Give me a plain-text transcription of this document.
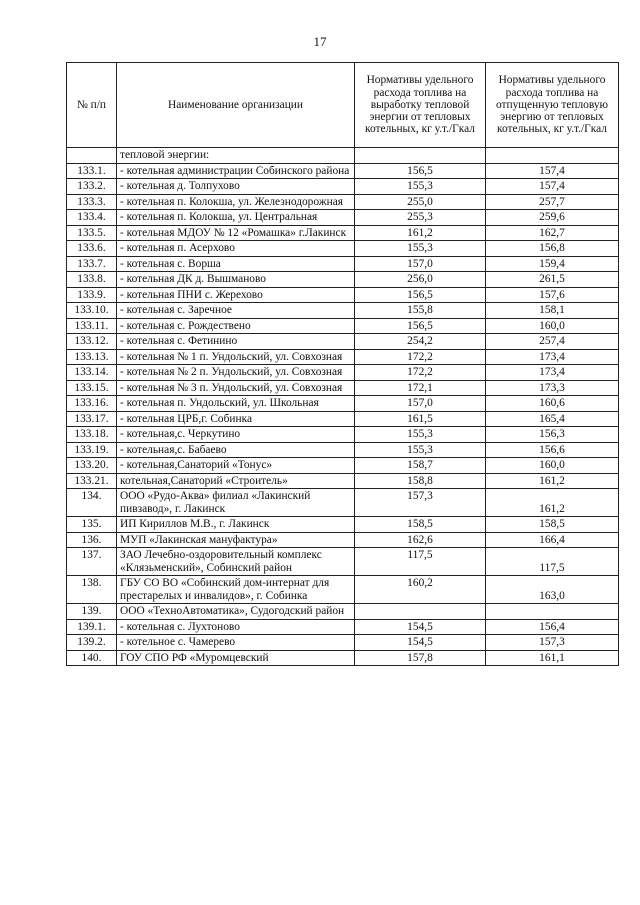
17
№ п/п	Наименование организации	Нормативы удельного расхода топлива на выработку тепловой энергии от тепловых котельных, кг у.т./Гкал	Нормативы удельного расхода топлива на отпущенную тепловую энергию от тепловых котельных, кг у.т./Гкал
	тепловой энергии:		
133.1.	- котельная администрации Собинского района	156,5	157,4
133.2.	- котельная д. Толпухово	155,3	157,4
133.3.	- котельная п. Колокша, ул. Железнодорожная	255,0	257,7
133.4.	- котельная п. Колокша, ул. Центральная	255,3	259,6
133.5.	- котельная МДОУ № 12 «Ромашка» г.Лакинск	161,2	162,7
133.6.	- котельная п. Асерхово	155,3	156,8
133.7.	- котельная с. Ворша	157,0	159,4
133.8.	- котельная ДК д. Вышманово	256,0	261,5
133.9.	- котельная ПНИ с. Жерехово	156,5	157,6
133.10.	- котельная с. Заречное	155,8	158,1
133.11.	- котельная с. Рождествено	156,5	160,0
133.12.	- котельная с. Фетинино	254,2	257,4
133.13.	- котельная № 1 п. Ундольский, ул. Совхозная	172,2	173,4
133.14.	- котельная № 2 п. Ундольский, ул. Совхозная	172,2	173,4
133.15.	- котельная № 3 п. Ундольский, ул. Совхозная	172,1	173,3
133.16.	- котельная п. Ундольский, ул. Школьная	157,0	160,6
133.17.	- котельная ЦРБ,г. Собинка	161,5	165,4
133.18.	- котельная,с. Черкутино	155,3	156,3
133.19.	- котельная,с. Бабаево	155,3	156,6
133.20.	- котельная,Санаторий «Тонус»	158,7	160,0
133.21.	котельная,Санаторий «Строитель»	158,8	161,2
134.	ООО «Рудо-Аква» филиал «Лакинский пивзавод», г. Лакинск	157,3	161,2
135.	ИП Кириллов М.В., г. Лакинск	158,5	158,5
136.	МУП «Лакинская мануфактура»	162,6	166,4
137.	ЗАО Лечебно-оздоровительный комплекс «Клязьменский», Собинский район	117,5	117,5
138.	ГБУ СО ВО «Собинский дом-интернат для престарелых и инвалидов», г. Собинка	160,2	163,0
139.	ООО «ТехноАвтоматика», Судогодский район		
139.1.	- котельная с. Лухтоново	154,5	156,4
139.2.	- котельное с. Чамерево	154,5	157,3
140.	ГОУ СПО РФ «Муромцевский	157,8	161,1
